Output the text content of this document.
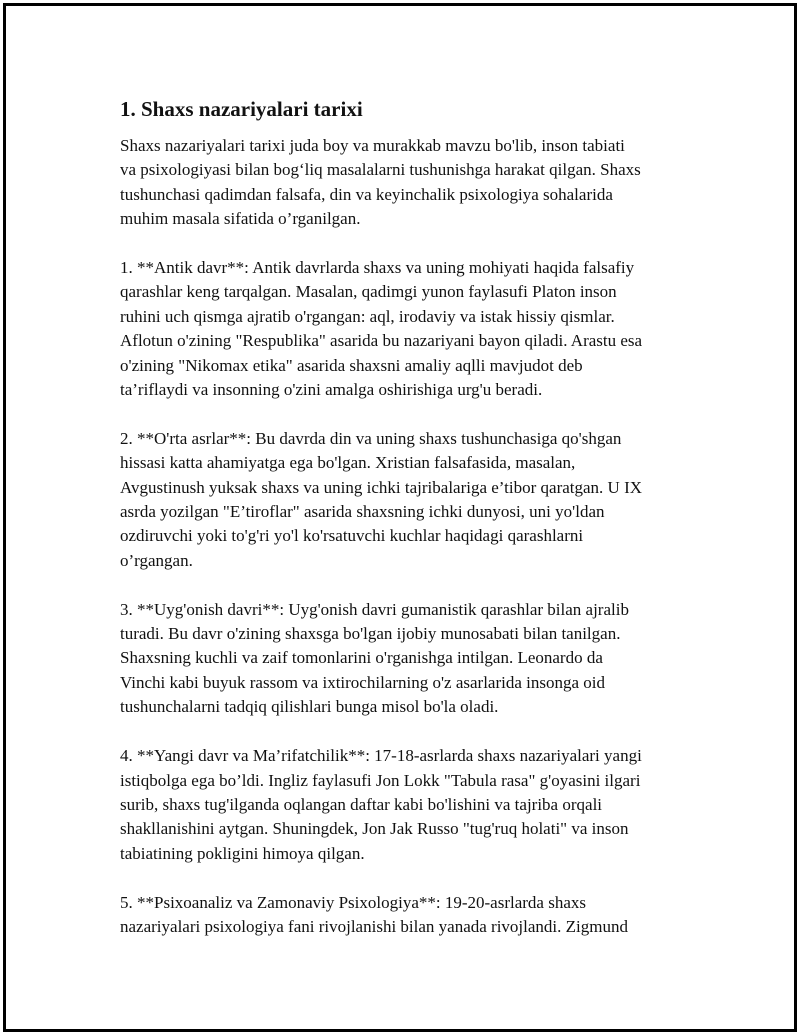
1. Shaxs nazariyalari tarixi

Shaxs nazariyalari tarixi juda boy va murakkab mavzu bo'lib, inson tabiati
va psixologiyasi bilan bog‘liq masalalarni tushunishga harakat qilgan. Shaxs
tushunchasi qadimdan falsafa, din va keyinchalik psixologiya sohalarida
muhim masala sifatida o’rganilgan.

1. **Antik davr**: Antik davrlarda shaxs va uning mohiyati haqida falsafiy
qarashlar keng tarqalgan. Masalan, qadimgi yunon faylasufi Platon inson
ruhini uch qismga ajratib o'rgangan: aql, irodaviy va istak hissiy qismlar.
Aflotun o'zining "Respublika" asarida bu nazariyani bayon qiladi. Arastu esa
o'zining "Nikomax etika" asarida shaxsni amaliy aqlli mavjudot deb
ta’riflaydi va insonning o'zini amalga oshirishiga urg'u beradi.

2. **O'rta asrlar**: Bu davrda din va uning shaxs tushunchasiga qo'shgan
hissasi katta ahamiyatga ega bo'lgan. Xristian falsafasida, masalan,
Avgustinush yuksak shaxs va uning ichki tajribalariga e’tibor qaratgan. U IX
asrda yozilgan "E’tiroflar" asarida shaxsning ichki dunyosi, uni yo'ldan
ozdiruvchi yoki to'g'ri yo'l ko'rsatuvchi kuchlar haqidagi qarashlarni
o’rgangan.

3. **Uyg'onish davri**: Uyg'onish davri gumanistik qarashlar bilan ajralib
turadi. Bu davr o'zining shaxsga bo'lgan ijobiy munosabati bilan tanilgan.
Shaxsning kuchli va zaif tomonlarini o'rganishga intilgan. Leonardo da
Vinchi kabi buyuk rassom va ixtirochilarning o'z asarlarida insonga oid
tushunchalarni tadqiq qilishlari bunga misol bo'la oladi.

4. **Yangi davr va Ma’rifatchilik**: 17-18-asrlarda shaxs nazariyalari yangi
istiqbolga ega bo’ldi. Ingliz faylasufi Jon Lokk "Tabula rasa" g'oyasini ilgari
surib, shaxs tug'ilganda oqlangan daftar kabi bo'lishini va tajriba orqali
shakllanishini aytgan. Shuningdek, Jon Jak Russo "tug'ruq holati" va inson
tabiatining pokligini himoya qilgan.

5. **Psixoanaliz va Zamonaviy Psixologiya**: 19-20-asrlarda shaxs
nazariyalari psixologiya fani rivojlanishi bilan yanada rivojlandi. Zigmund
